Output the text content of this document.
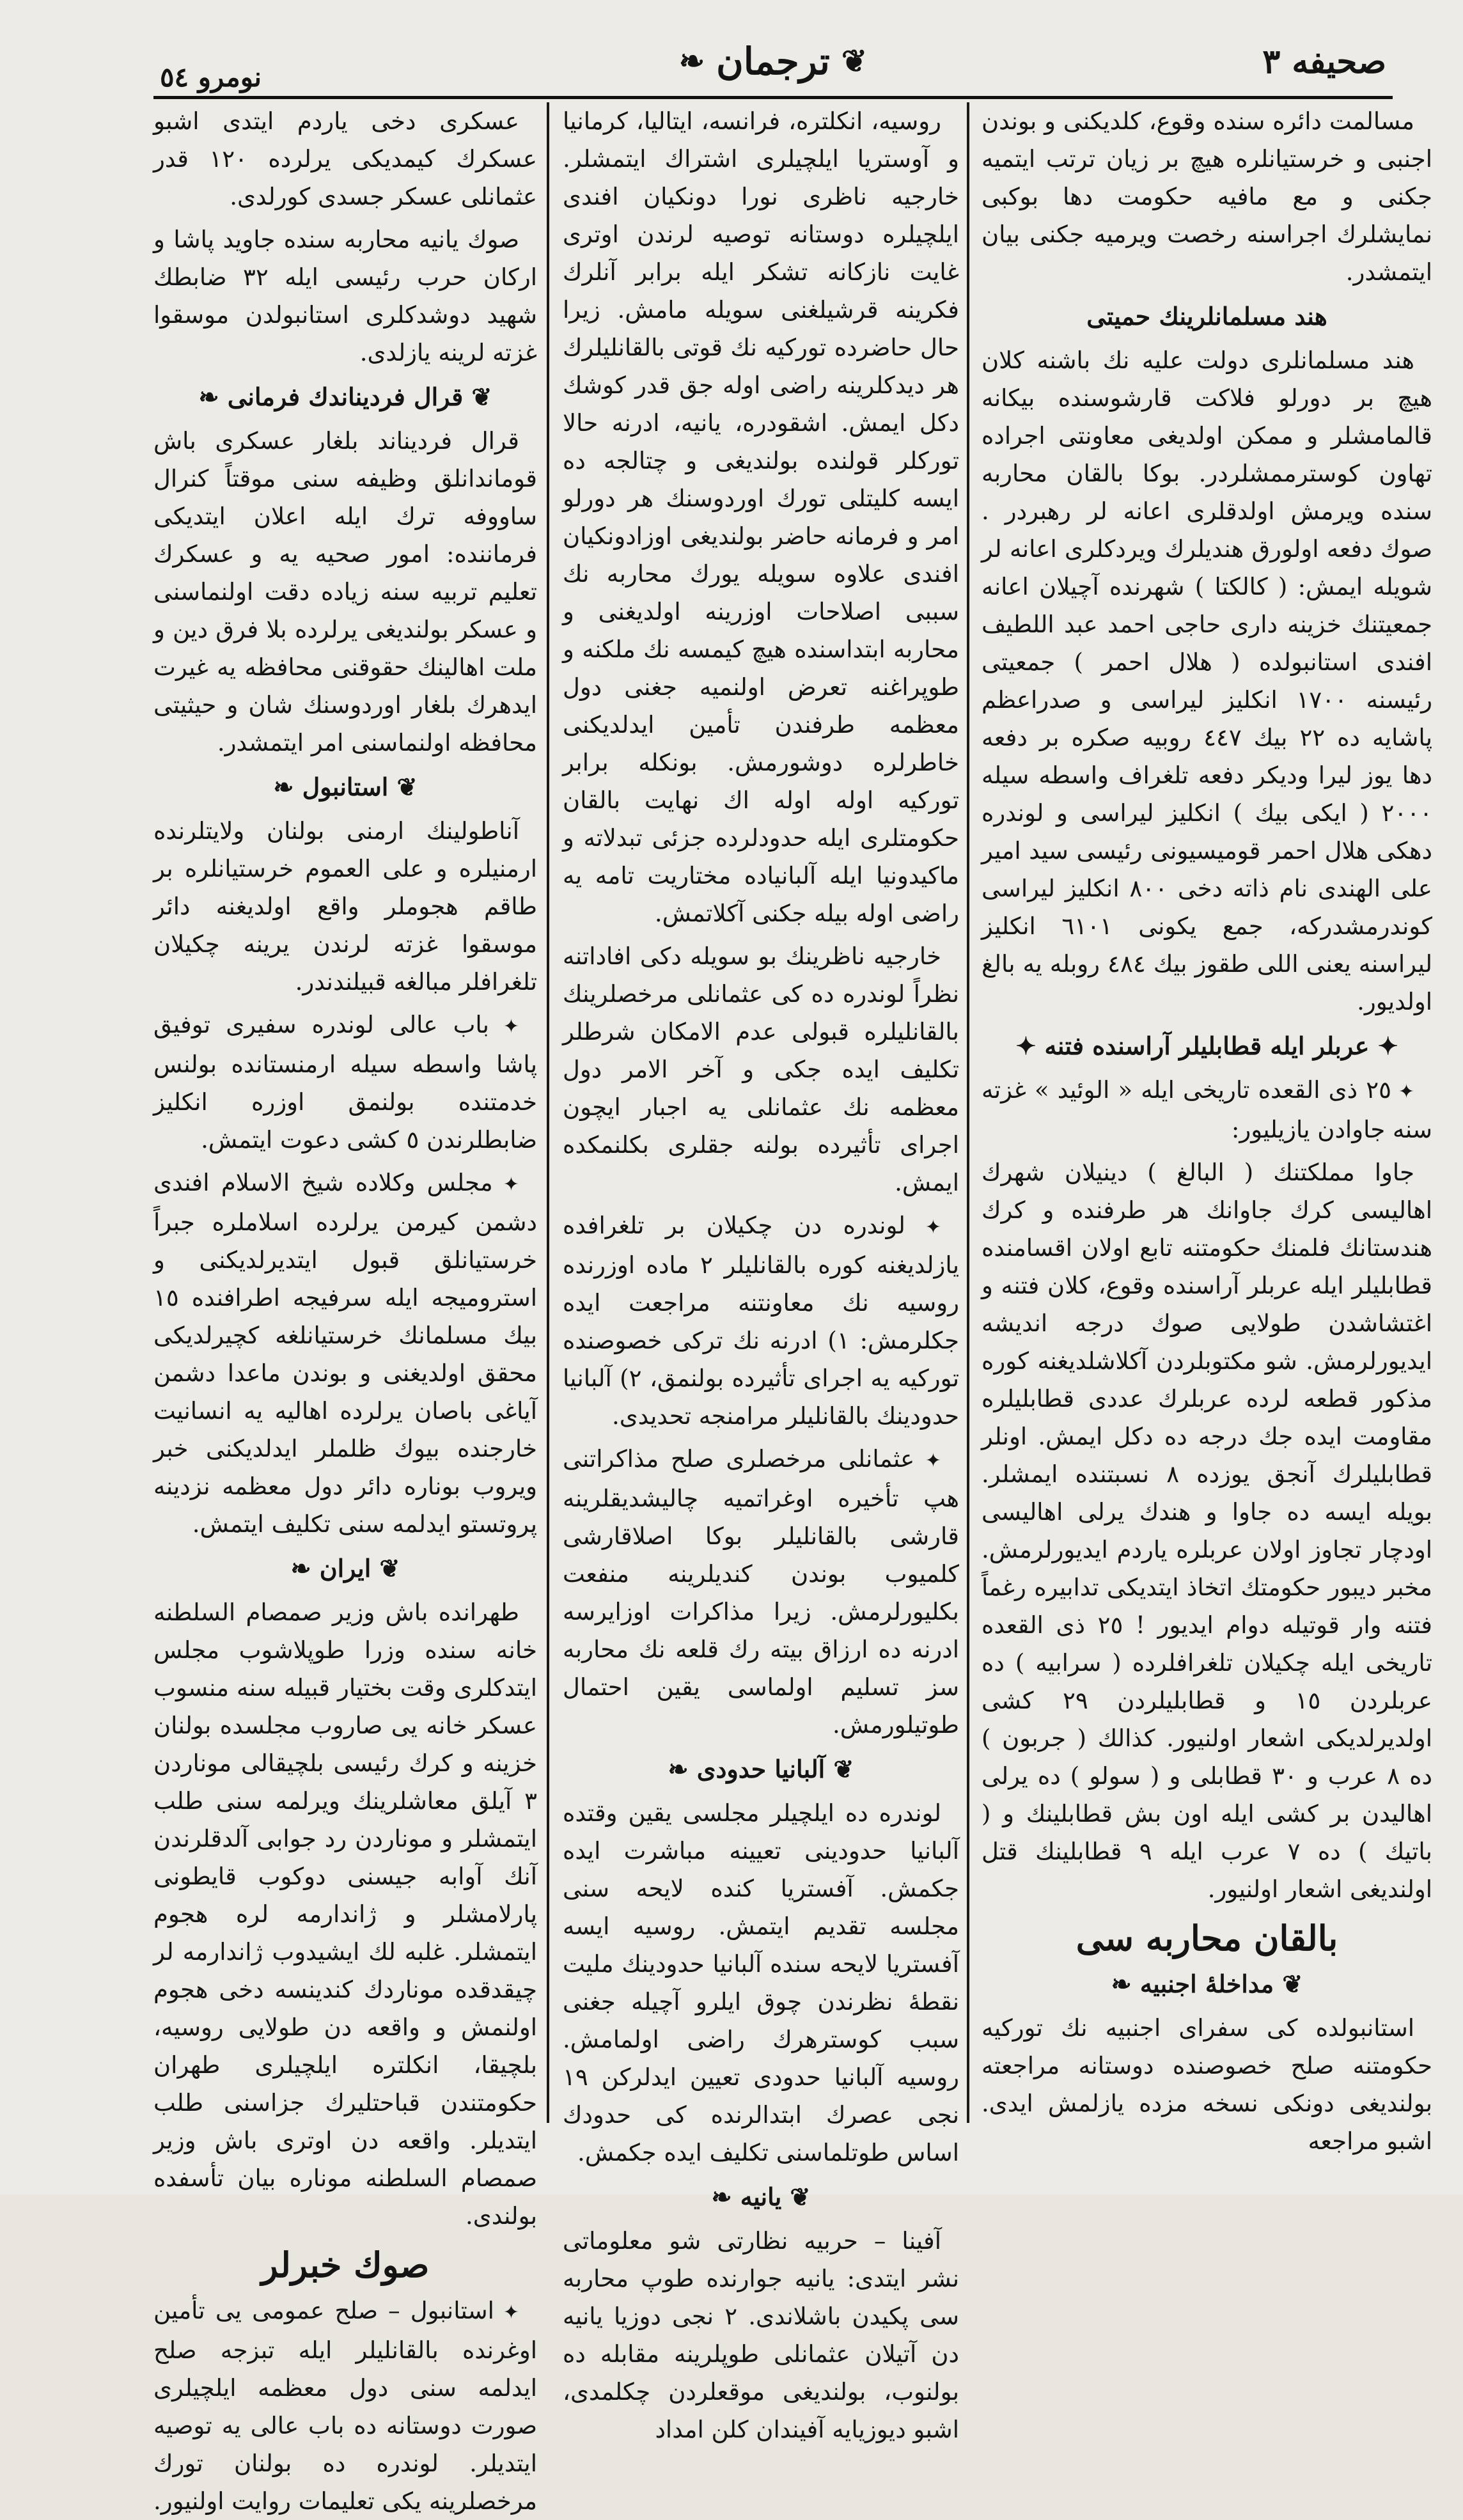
صحيفه ٣
❦
ترجمان
❧
نومرو ٥٤

مسالمت دائره سنده وقوع، كلديكنى و بوندن اجنبى و خرستيانلره هيچ بر زيان ترتب ايتميه جكنى و مع مافيه حكومت دها بوكبى نمايشلرك اجراسنه رخصت ويرميه جكنى بيان ايتمشدر.

هند مسلمانلرينك حميتى

هند مسلمانلرى دولت عليه نك باشنه كلان هيچ بر دورلو فلاكت قارشوسنده بيكانه قالمامشلر و ممكن اولديغى معاونتى اجراده تهاون كوسترممشلردر. بوكا بالقان محاربه سنده ويرمش اولدقلرى اعانه لر رهبردر . صوك دفعه اولورق هنديلرك ويردكلرى اعانه لر شويله ايمش: ( كالكتا ) شهرنده آچيلان اعانه جمعيتنك خزينه دارى حاجى احمد عبد اللطيف افندى استانبولده ( هلال احمر ) جمعيتى رئيسنه ١٧٠٠ انكليز ليراسى و صدراعظم پاشايه ده ٢٢ بيك ٤٤٧ روبيه صكره بر دفعه دها يوز ليرا وديكر دفعه تلغراف واسطه سيله ٢٠٠٠ ( ايكى بيك ) انكليز ليراسى و لوندره دهكى هلال احمر قوميسيونى رئيسى سيد امير على الهندى نام ذاته دخى ٨٠٠ انكليز ليراسى كوندرمشدركه، جمع يكونى ٦١٠١ انكليز ليراسنه يعنى اللى طقوز بيك ٤٨٤ روبله يه بالغ اولديور.

✦ عربلر ايله قطابليلر آراسنده فتنه ✦

✦ ٢٥ ذى القعده تاريخى ايله « الوئيد » غزته سنه جاوادن يازيليور:

جاوا مملكتنك ( البالغ ) دينيلان شهرك اهاليسى كرك جاوانك هر طرفنده و كرك هندستانك فلمنك حكومتنه تابع اولان اقسامنده قطابليلر ايله عربلر آراسنده وقوع، كلان فتنه و اغتشاشدن طولايى صوك درجه انديشه ايديورلرمش. شو مكتوبلردن آكلاشلديغنه كوره مذكور قطعه لرده عربلرك عددى قطابليلره مقاومت ايده جك درجه ده دكل ايمش. اونلر قطابليلرك آنجق يوزده ٨ نسبتنده ايمشلر. بويله ايسه ده جاوا و هندك يرلى اهاليسى اودچار تجاوز اولان عربلره ياردم ايديورلرمش. مخبر ديبور حكومتك اتخاذ ايتديكى تدابيره رغماً فتنه وار قوتيله دوام ايديور ! ٢٥ ذى القعده تاريخى ايله چكيلان تلغرافلرده ( سرابيه ) ده عربلردن ١٥ و قطابليلردن ٢٩ كشى اولديرلديكى اشعار اولنيور. كذالك ( جربون ) ده ٨ عرب و ٣٠ قطابلى و ( سولو ) ده يرلى اهاليدن بر كشى ايله اون بش قطابلينك و ( باتيك ) ده ٧ عرب ايله ٩ قطابلينك قتل اولنديغى اشعار اولنيور.

بالقان محاربه سى
❦ مداخلهٔ اجنبيه ❧

استانبولده كى سفراى اجنبيه نك توركيه حكومتنه صلح خصوصنده دوستانه مراجعته بولنديغى دونكى نسخه مزده يازلمش ايدى. اشبو مراجعه

روسيه، انكلتره، فرانسه، ايتاليا، كرمانيا و آوستريا ايلچيلرى اشتراك ايتمشلر. خارجيه ناظرى نورا دونكيان افندى ايلچيلره دوستانه توصيه لرندن اوترى غايت نازكانه تشكر ايله برابر آنلرك فكرينه قرشيلغنى سويله مامش. زيرا حال حاضرده توركيه نك قوتى بالقانليلرك هر ديدكلرينه راضى اوله جق قدر كوشك دكل ايمش. اشقودره، يانيه، ادرنه حالا توركلر قولنده بولنديغى و چتالجه ده ايسه كليتلى تورك اوردوسنك هر دورلو امر و فرمانه حاضر بولنديغى اوزادونكيان افندى علاوه سويله يورك محاربه نك سببى اصلاحات اوزرينه اولديغنى و محاربه ابتداسنده هيچ كيمسه نك ملكنه و طوپراغنه تعرض اولنميه جغنى دول معظمه طرفندن تأمين ايدلديكنى خاطرلره دوشورمش. بونكله برابر توركيه اوله اوله اك نهايت بالقان حكومتلرى ايله حدودلرده جزئى تبدلاته و ماكيدونيا ايله آلبانياده مختاريت تامه يه راضى اوله بيله جكنى آكلاتمش.

خارجيه ناظرينك بو سويله دكى افاداتنه نظراً لوندره ده كى عثمانلى مرخصلرينك بالقانليلره قبولى عدم الامكان شرطلر تكليف ايده جكى و آخر الامر دول معظمه نك عثمانلى يه اجبار ايچون اجراى تأثيرده بولنه جقلرى بكلنمكده ايمش.

✦ لوندره دن چكيلان بر تلغرافده يازلديغنه كوره بالقانليلر ٢ ماده اوزرنده روسيه نك معاونتنه مراجعت ايده جكلرمش: ١) ادرنه نك تركى خصوصنده توركيه يه اجراى تأثيرده بولنمق، ٢) آلبانيا حدودينك بالقانليلر مرامنجه تحديدى.

✦ عثمانلى مرخصلرى صلح مذاكراتنى هپ تأخيره اوغراتميه چاليشديقلرينه قارشى بالقانليلر بوكا اصلاقارشى كلميوب بوندن كنديلرينه منفعت بكليورلرمش. زيرا مذاكرات اوزايرسه ادرنه ده ارزاق بيته رك قلعه نك محاربه سز تسليم اولماسى يقين احتمال طوتيلورمش.

❦ آلبانيا حدودى ❧

لوندره ده ايلچيلر مجلسى يقين وقتده آلبانيا حدودينى تعيينه مباشرت ايده جكمش. آفستريا كنده لايحه سنى مجلسه تقديم ايتمش. روسيه ايسه آفستريا لايحه سنده آلبانيا حدودينك مليت نقطهٔ نظرندن چوق ايلرو آچيله جغنى سبب كوسترهرك راضى اولمامش. روسيه آلبانيا حدودى تعيين ايدلركن ١٩ نجى عصرك ابتدالرنده كى حدودك اساس طوتلماسنى تكليف ايده جكمش.

❦ يانيه ❧

آفينا – حربيه نظارتى شو معلوماتى نشر ايتدى: يانيه جوارنده طوپ محاربه سى پكيدن باشلاندى. ٢ نجى دوزيا يانيه دن آتيلان عثمانلى طوپلرينه مقابله ده بولنوب، بولنديغى موقعلردن چكلمدى، اشبو ديوزيايه آفيندان كلن امداد

عسكرى دخى ياردم ايتدى اشبو عسكرك كيمديكى يرلرده ١٢٠ قدر عثمانلى عسكر جسدى كورلدى.

صوك يانيه محاربه سنده جاويد پاشا و اركان حرب رئيسى ايله ٣٢ ضابطك شهيد دوشدكلرى استانبولدن موسقوا غزته لرينه يازلدى.

❦ قرال فرديناندك فرمانى ❧

قرال فرديناند بلغار عسكرى باش قوماندانلق وظيفه سنى موقتاً كنرال ساووفه ترك ايله اعلان ايتديكى فرماننده: امور صحيه يه و عسكرك تعليم تربيه سنه زياده دقت اولنماسنى و عسكر بولنديغى يرلرده بلا فرق دين و ملت اهالينك حقوقنى محافظه يه غيرت ايدهرك بلغار اوردوسنك شان و حيثيتى محافظه اولنماسنى امر ايتمشدر.

❦ استانبول ❧

آناطولينك ارمنى بولنان ولايتلرنده ارمنيلره و على العموم خرستيانلره بر طاقم هجوملر واقع اولديغنه دائر موسقوا غزته لرندن يرينه چكيلان تلغرافلر مبالغه قبيلندندر.

✦ باب عالى لوندره سفيرى توفيق پاشا واسطه سيله ارمنستانده بولنس خدمتنده بولنمق اوزره انكليز ضابطلرندن ٥ كشى دعوت ايتمش.

✦ مجلس وكلاده شيخ الاسلام افندى دشمن كيرمن يرلرده اسلاملره جبراً خرستيانلق قبول ايتديرلديكنى و استروميجه ايله سرفيجه اطرافنده ١٥ بيك مسلمانك خرستيانلغه كچيرلديكى محقق اولديغنى و بوندن ماعدا دشمن آياغى باصان يرلرده اهاليه يه انسانيت خارجنده بيوك ظلملر ايدلديكنى خبر ويروب بوناره دائر دول معظمه نزدينه پروتستو ايدلمه سنى تكليف ايتمش.

❦ ايران ❧

طهرانده باش وزير صمصام السلطنه خانه سنده وزرا طوپلاشوب مجلس ايتدكلرى وقت بختيار قبيله سنه منسوب عسكر خانه يى صاروب مجلسده بولنان خزينه و كرك رئيسى بلچيقالى موناردن ٣ آيلق معاشلرينك ويرلمه سنى طلب ايتمشلر و موناردن رد جوابى آلدقلرندن آنك آوابه جيسنى دوكوب قايطونى پارلامشلر و ژاندارمه لره هجوم ايتمشلر. غلبه لك ايشيدوب ژاندارمه لر چيقدقده موناردك كندينسه دخى هجوم اولنمش و واقعه دن طولايى روسيه، بلچيقا، انكلتره ايلچيلرى طهران حكومتندن قباحتليرك جزاسنى طلب ايتديلر. واقعه دن اوترى باش وزير صمصام السلطنه موناره بيان تأسفده بولندى.

صوك خبرلر

✦ استانبول – صلح عمومى يى تأمين اوغرنده بالقانليلر ايله تبزجه صلح ايدلمه سنى دول معظمه ايلچيلرى صورت دوستانه ده باب عالى يه توصيه ايتديلر. لوندره ده بولنان تورك مرخصلرينه يكى تعليمات روايت اولنيور.
